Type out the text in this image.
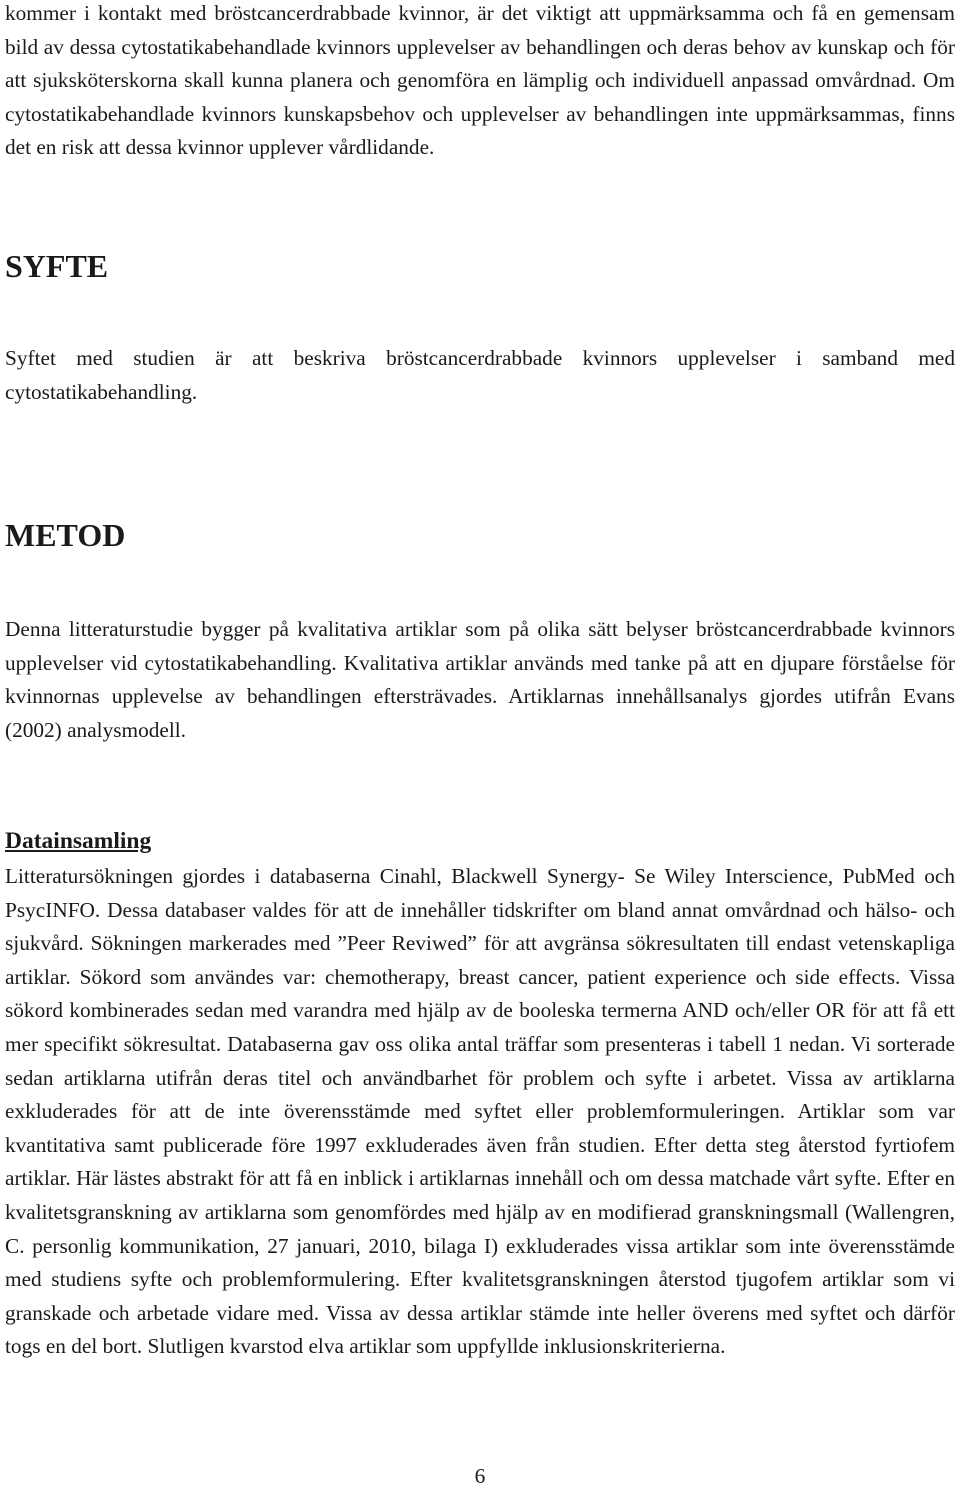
kommer i kontakt med bröstcancerdrabbade kvinnor, är det viktigt att uppmärksamma och få en gemensam bild av dessa cytostatikabehandlade kvinnors upplevelser av behandlingen och deras behov av kunskap och för att sjuksköterskorna skall kunna planera och genomföra en lämplig och individuell anpassad omvårdnad. Om cytostatikabehandlade kvinnors kunskapsbehov och upplevelser av behandlingen inte uppmärksammas, finns det en risk att dessa kvinnor upplever vårdlidande.

SYFTE

Syftet med studien är att beskriva bröstcancerdrabbade kvinnors upplevelser i samband med cytostatikabehandling.

METOD

Denna litteraturstudie bygger på kvalitativa artiklar som på olika sätt belyser bröstcancerdrabbade kvinnors upplevelser vid cytostatikabehandling. Kvalitativa artiklar används med tanke på att en djupare förståelse för kvinnornas upplevelse av behandlingen eftersträvades. Artiklarnas innehållsanalys gjordes utifrån Evans (2002) analysmodell.

Datainsamling

Litteratursökningen gjordes i databaserna Cinahl, Blackwell Synergy- Se Wiley Interscience, PubMed och PsycINFO. Dessa databaser valdes för att de innehåller tidskrifter om bland annat omvårdnad och hälso- och sjukvård. Sökningen markerades med ”Peer Reviwed” för att avgränsa sökresultaten till endast vetenskapliga artiklar. Sökord som användes var: chemotherapy, breast cancer, patient experience och side effects. Vissa sökord kombinerades sedan med varandra med hjälp av de booleska termerna AND och/eller OR för att få ett mer specifikt sökresultat. Databaserna gav oss olika antal träffar som presenteras i tabell 1 nedan. Vi sorterade sedan artiklarna utifrån deras titel och användbarhet för problem och syfte i arbetet. Vissa av artiklarna exkluderades för att de inte överensstämde med syftet eller problemformuleringen. Artiklar som var kvantitativa samt publicerade före 1997 exkluderades även från studien. Efter detta steg återstod fyrtiofem artiklar. Här lästes abstrakt för att få en inblick i artiklarnas innehåll och om dessa matchade vårt syfte. Efter en kvalitetsgranskning av artiklarna som genomfördes med hjälp av en modifierad granskningsmall (Wallengren, C. personlig kommunikation, 27 januari, 2010, bilaga I) exkluderades vissa artiklar som inte överensstämde med studiens syfte och problemformulering. Efter kvalitetsgranskningen återstod tjugofem artiklar som vi granskade och arbetade vidare med. Vissa av dessa artiklar stämde inte heller överens med syftet och därför togs en del bort. Slutligen kvarstod elva artiklar som uppfyllde inklusionskriterierna.

6
